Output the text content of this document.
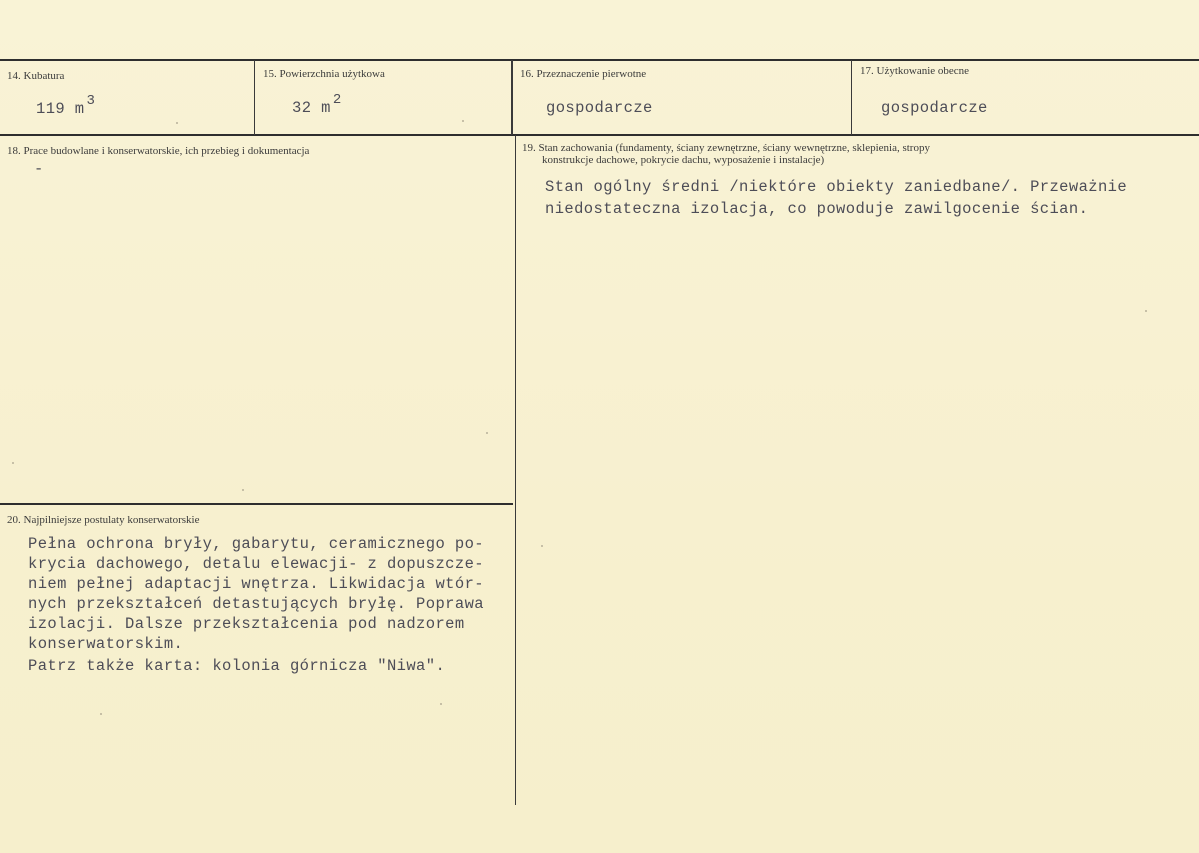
14. Kubatura
119 m 3
15. Powierzchnia użytkowa
32 m 2
16. Przeznaczenie pierwotne
gospodarcze
17. Użytkowanie obecne
gospodarcze
18. Prace budowlane i konserwatorskie, ich przebieg i dokumentacja
-
19. Stan zachowania (fundamenty, ściany zewnętrzne, ściany wewnętrzne, sklepienia, stropy
konstrukcje dachowe, pokrycie dachu, wyposażenie i instalacje)
Stan ogólny średni /niektóre obiekty zaniedbane/. Przeważnie
niedostateczna izolacja, co powoduje zawilgocenie ścian.
20. Najpilniejsze postulaty konserwatorskie
Pełna ochrona bryły, gabarytu, ceramicznego po-
krycia dachowego, detalu elewacji- z dopuszcze-
niem pełnej adaptacji wnętrza. Likwidacja wtór-
nych przekształceń detastujących bryłę. Poprawa
izolacji. Dalsze przekształcenia pod nadzorem
konserwatorskim.
Patrz także karta: kolonia górnicza "Niwa".
